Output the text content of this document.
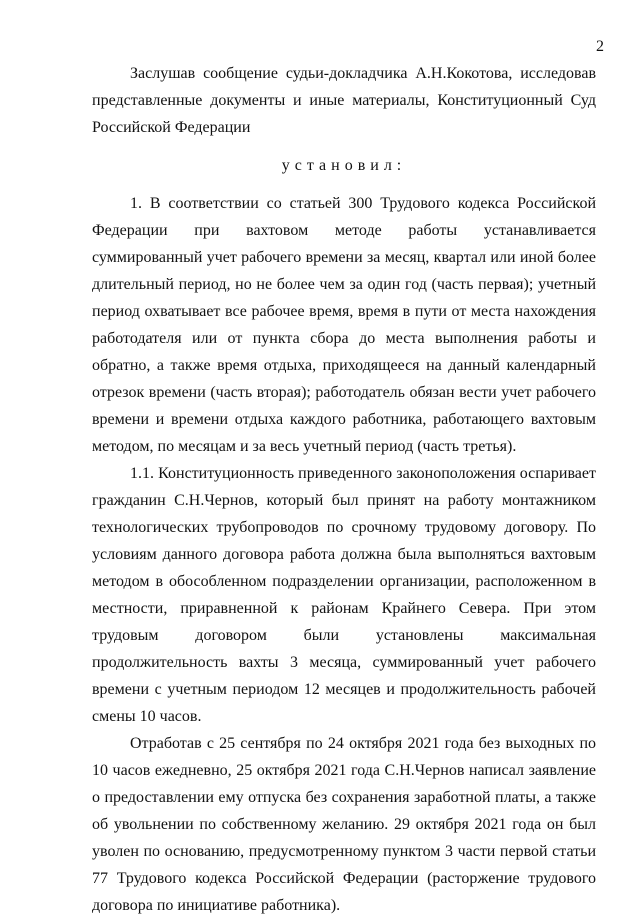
2

Заслушав сообщение судьи-докладчика А.Н.Кокотова, исследовав представленные документы и иные материалы, Конституционный Суд Российской Федерации

установил:

1. В соответствии со статьей 300 Трудового кодекса Российской Федерации при вахтовом методе работы устанавливается суммированный учет рабочего времени за месяц, квартал или иной более длительный период, но не более чем за один год (часть первая); учетный период охватывает все рабочее время, время в пути от места нахождения работодателя или от пункта сбора до места выполнения работы и обратно, а также время отдыха, приходящееся на данный календарный отрезок времени (часть вторая); работодатель обязан вести учет рабочего времени и времени отдыха каждого работника, работающего вахтовым методом, по месяцам и за весь учетный период (часть третья).

1.1. Конституционность приведенного законоположения оспаривает гражданин С.Н.Чернов, который был принят на работу монтажником технологических трубопроводов по срочному трудовому договору. По условиям данного договора работа должна была выполняться вахтовым методом в обособленном подразделении организации, расположенном в местности, приравненной к районам Крайнего Севера. При этом трудовым договором были установлены максимальная продолжительность вахты 3 месяца, суммированный учет рабочего времени с учетным периодом 12 месяцев и продолжительность рабочей смены 10 часов.

Отработав с 25 сентября по 24 октября 2021 года без выходных по 10 часов ежедневно, 25 октября 2021 года С.Н.Чернов написал заявление о предоставлении ему отпуска без сохранения заработной платы, а также об увольнении по собственному желанию. 29 октября 2021 года он был уволен по основанию, предусмотренному пунктом 3 части первой статьи 77 Трудового кодекса Российской Федерации (расторжение трудового договора по инициативе работника).
